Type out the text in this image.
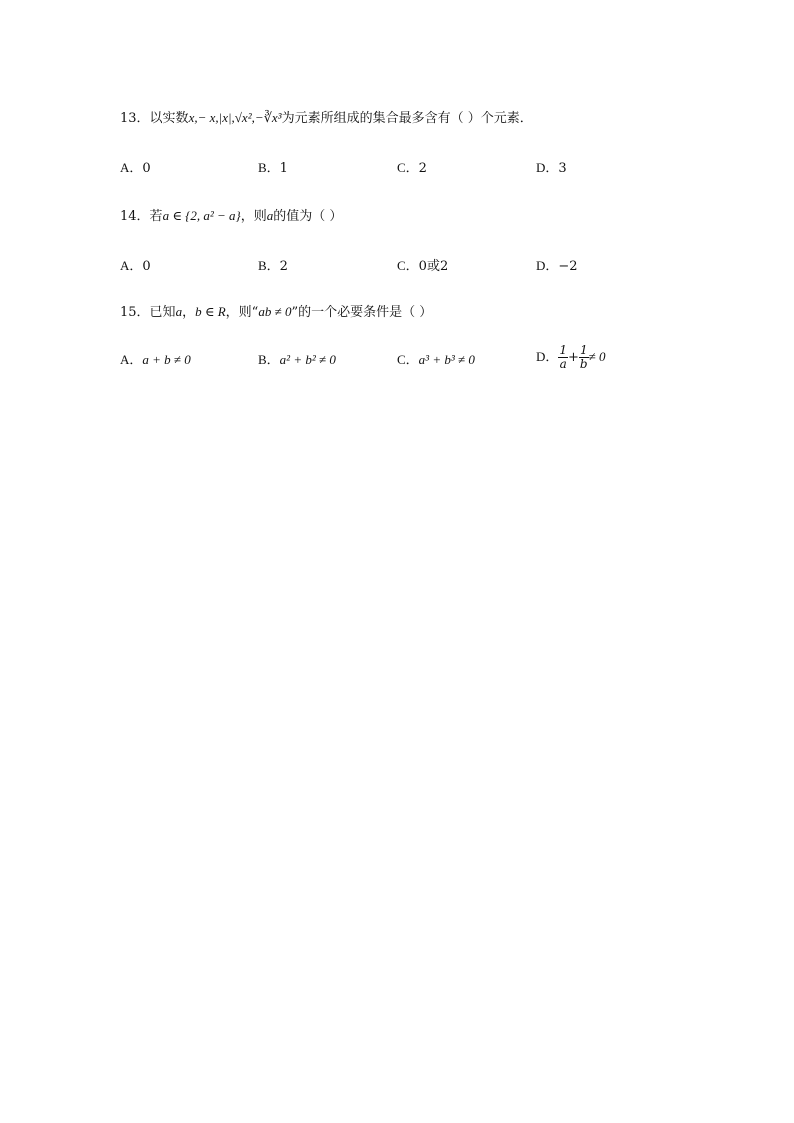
13．以实数x,− x,|x|,√x²,−∛x³为元素所组成的集合最多含有（ ）个元素．
A．0	B．1	C．2	D．3
14．若a ∈ {2, a² − a}，则a的值为（ ）
A．0	B．2	C．0或2	D．−2
15．已知a，b ∈ R，则“ab ≠ 0”的一个必要条件是（ ）
A．a + b ≠ 0	B．a² + b² ≠ 0	C．a³ + b³ ≠ 0	D． $\frac{1}{a} + \frac{1}{b} \ne 0$
